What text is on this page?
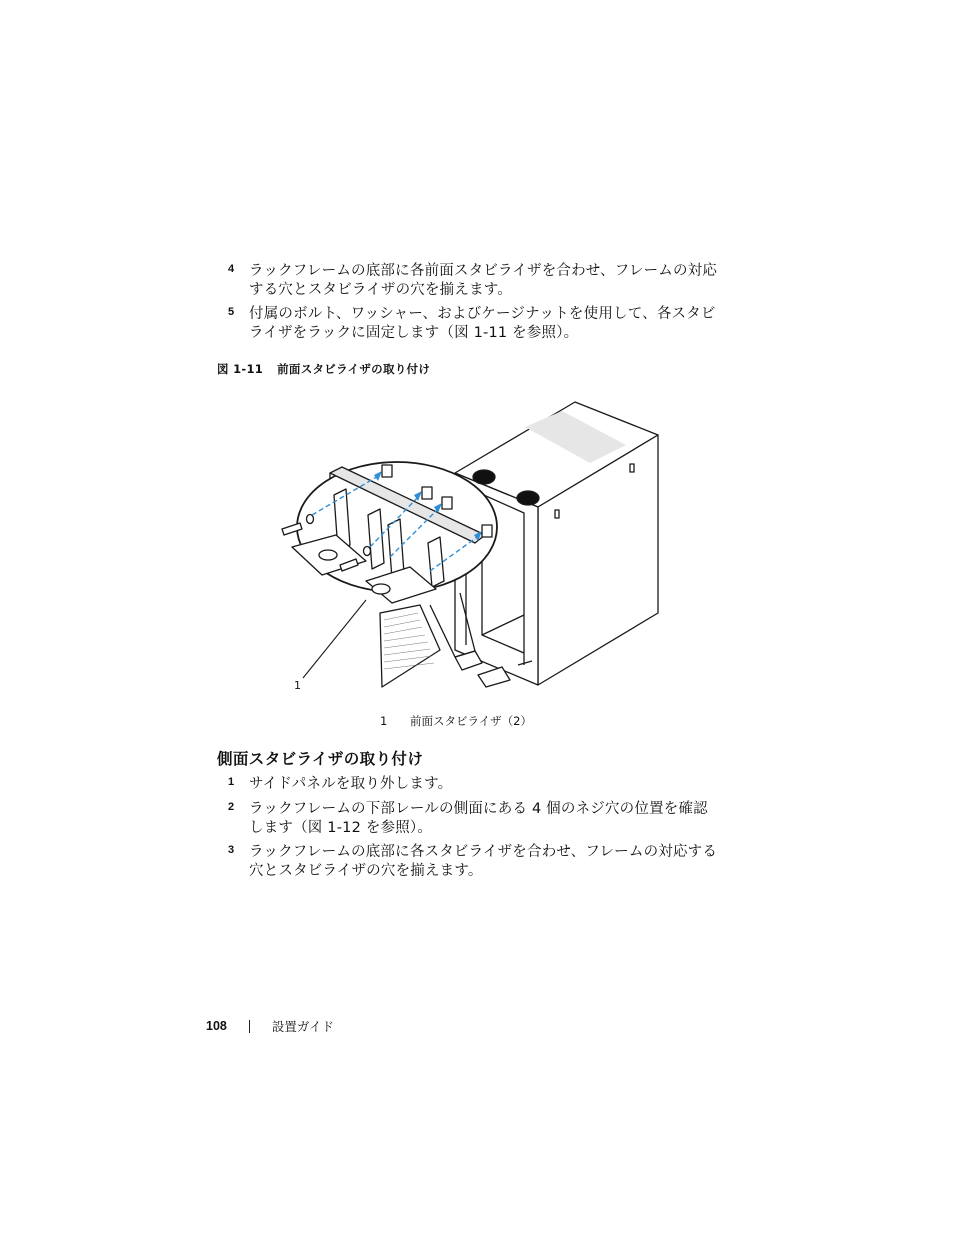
4 ラックフレームの底部に各前面スタビライザを合わせ、フレームの対応する穴とスタビライザの穴を揃えます。
5 付属のボルト、ワッシャー、およびケージナットを使用して、各スタビライザをラックに固定します（図 1-11 を参照）。
図 1-11 前面スタビライザの取り付け
1
1 前面スタビライザ（2）
側面スタビライザの取り付け
1 サイドパネルを取り外します。
2 ラックフレームの下部レールの側面にある 4 個のネジ穴の位置を確認します（図 1-12 を参照）。
3 ラックフレームの底部に各スタビライザを合わせ、フレームの対応する穴とスタビライザの穴を揃えます。
108	設置ガイド
